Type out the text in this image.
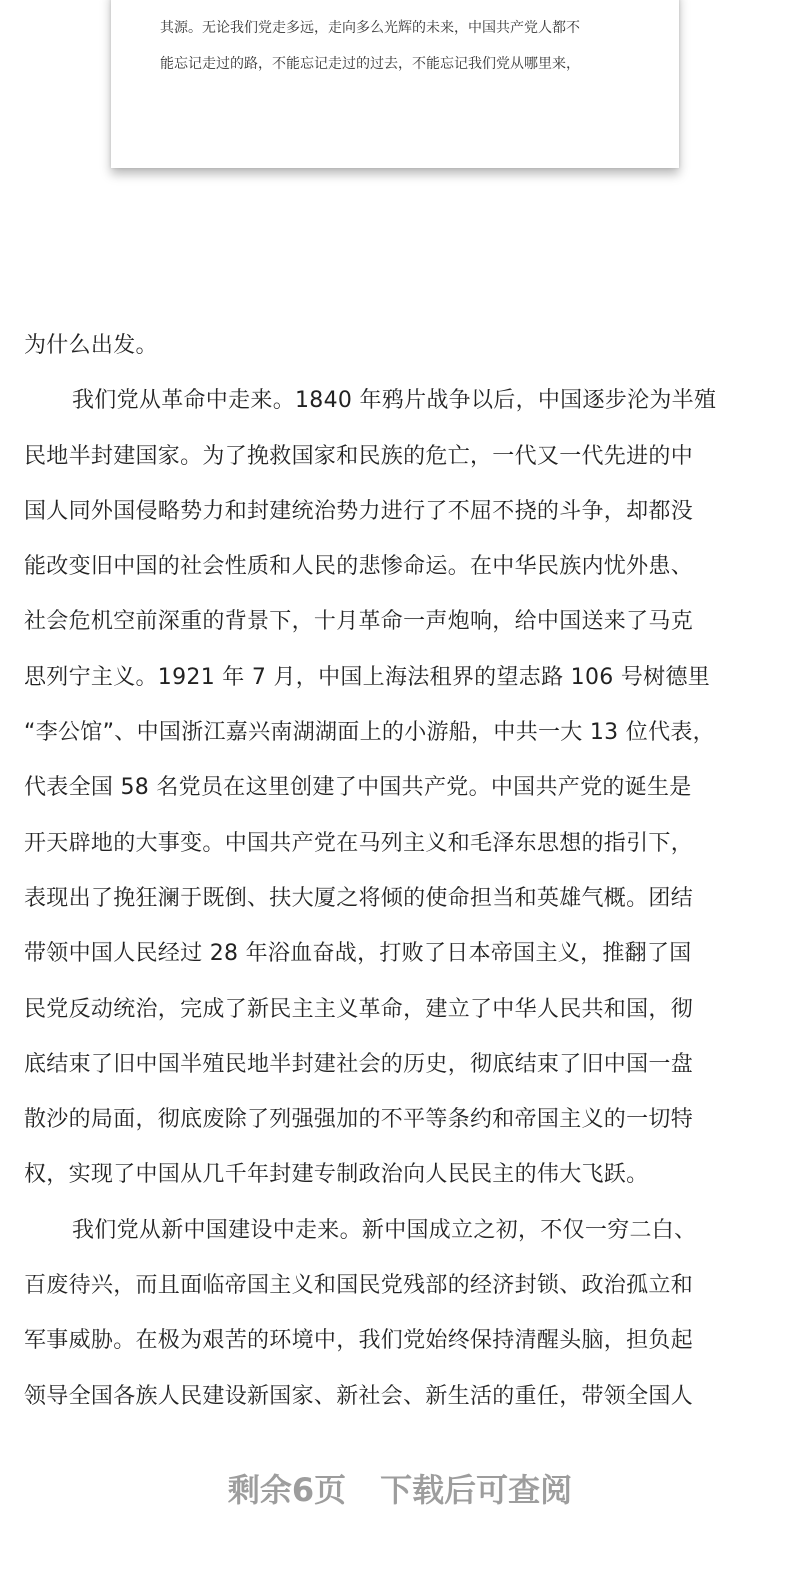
其源。无论我们党走多远，走向多么光辉的未来，中国共产党人都不
能忘记走过的路，不能忘记走过的过去，不能忘记我们党从哪里来，
为什么出发。
我们党从革命中走来。1840 年鸦片战争以后，中国逐步沦为半殖
民地半封建国家。为了挽救国家和民族的危亡，一代又一代先进的中
国人同外国侵略势力和封建统治势力进行了不屈不挠的斗争，却都没
能改变旧中国的社会性质和人民的悲惨命运。在中华民族内忧外患、
社会危机空前深重的背景下，十月革命一声炮响，给中国送来了马克
思列宁主义。1921 年 7 月，中国上海法租界的望志路 106 号树德里
“李公馆”、中国浙江嘉兴南湖湖面上的小游船，中共一大 13 位代表，
代表全国 58 名党员在这里创建了中国共产党。中国共产党的诞生是
开天辟地的大事变。中国共产党在马列主义和毛泽东思想的指引下，
表现出了挽狂澜于既倒、扶大厦之将倾的使命担当和英雄气概。团结
带领中国人民经过 28 年浴血奋战，打败了日本帝国主义，推翻了国
民党反动统治，完成了新民主主义革命，建立了中华人民共和国，彻
底结束了旧中国半殖民地半封建社会的历史，彻底结束了旧中国一盘
散沙的局面，彻底废除了列强强加的不平等条约和帝国主义的一切特
权，实现了中国从几千年封建专制政治向人民民主的伟大飞跃。
我们党从新中国建设中走来。新中国成立之初，不仅一穷二白、
百废待兴，而且面临帝国主义和国民党残部的经济封锁、政治孤立和
军事威胁。在极为艰苦的环境中，我们党始终保持清醒头脑，担负起
领导全国各族人民建设新国家、新社会、新生活的重任，带领全国人
剩余6页 下载后可查阅
